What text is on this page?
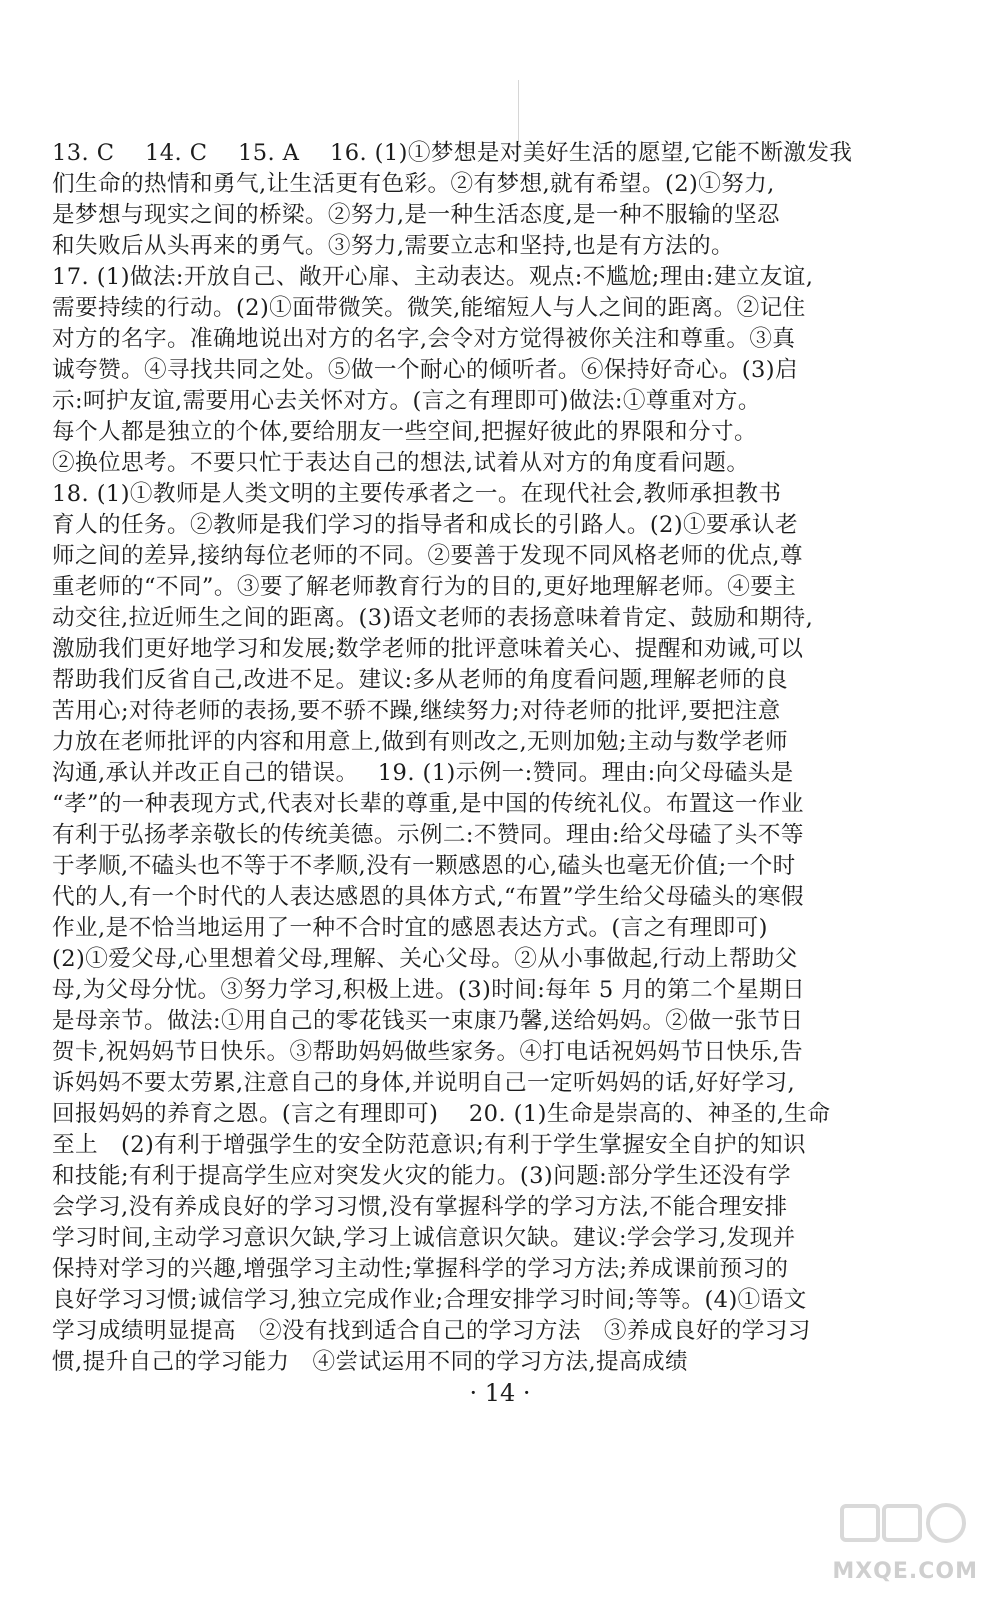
13. C　 14. C　 15. A　 16. (1)①梦想是对美好生活的愿望,它能不断激发我
们生命的热情和勇气,让生活更有色彩。②有梦想,就有希望。(2)①努力,
是梦想与现实之间的桥梁。②努力,是一种生活态度,是一种不服输的坚忍
和失败后从头再来的勇气。③努力,需要立志和坚持,也是有方法的。
17. (1)做法:开放自己、敞开心扉、主动表达。观点:不尴尬;理由:建立友谊,
需要持续的行动。(2)①面带微笑。微笑,能缩短人与人之间的距离。②记住
对方的名字。准确地说出对方的名字,会令对方觉得被你关注和尊重。③真
诚夸赞。④寻找共同之处。⑤做一个耐心的倾听者。⑥保持好奇心。(3)启
示:呵护友谊,需要用心去关怀对方。(言之有理即可)做法:①尊重对方。
每个人都是独立的个体,要给朋友一些空间,把握好彼此的界限和分寸。
②换位思考。不要只忙于表达自己的想法,试着从对方的角度看问题。
18. (1)①教师是人类文明的主要传承者之一。在现代社会,教师承担教书
育人的任务。②教师是我们学习的指导者和成长的引路人。(2)①要承认老
师之间的差异,接纳每位老师的不同。②要善于发现不同风格老师的优点,尊
重老师的“不同”。③要了解老师教育行为的目的,更好地理解老师。④要主
动交往,拉近师生之间的距离。(3)语文老师的表扬意味着肯定、鼓励和期待,
激励我们更好地学习和发展;数学老师的批评意味着关心、提醒和劝诫,可以
帮助我们反省自己,改进不足。建议:多从老师的角度看问题,理解老师的良
苦用心;对待老师的表扬,要不骄不躁,继续努力;对待老师的批评,要把注意
力放在老师批评的内容和用意上,做到有则改之,无则加勉;主动与数学老师
沟通,承认并改正自己的错误。　 19. (1)示例一:赞同。理由:向父母磕头是
“孝”的一种表现方式,代表对长辈的尊重,是中国的传统礼仪。布置这一作业
有利于弘扬孝亲敬长的传统美德。示例二:不赞同。理由:给父母磕了头不等
于孝顺,不磕头也不等于不孝顺,没有一颗感恩的心,磕头也毫无价值;一个时
代的人,有一个时代的人表达感恩的具体方式,“布置”学生给父母磕头的寒假
作业,是不恰当地运用了一种不合时宜的感恩表达方式。(言之有理即可)
(2)①爱父母,心里想着父母,理解、关心父母。②从小事做起,行动上帮助父
母,为父母分忧。③努力学习,积极上进。(3)时间:每年 5 月的第二个星期日
是母亲节。做法:①用自己的零花钱买一束康乃馨,送给妈妈。②做一张节日
贺卡,祝妈妈节日快乐。③帮助妈妈做些家务。④打电话祝妈妈节日快乐,告
诉妈妈不要太劳累,注意自己的身体,并说明自己一定听妈妈的话,好好学习,
回报妈妈的养育之恩。(言之有理即可)　 20. (1)生命是崇高的、神圣的,生命
至上　(2)有利于增强学生的安全防范意识;有利于学生掌握安全自护的知识
和技能;有利于提高学生应对突发火灾的能力。(3)问题:部分学生还没有学
会学习,没有养成良好的学习习惯,没有掌握科学的学习方法,不能合理安排
学习时间,主动学习意识欠缺,学习上诚信意识欠缺。建议:学会学习,发现并
保持对学习的兴趣,增强学习主动性;掌握科学的学习方法;养成课前预习的
良好学习习惯;诚信学习,独立完成作业;合理安排学习时间;等等。(4)①语文
学习成绩明显提高　②没有找到适合自己的学习方法　③养成良好的学习习
惯,提升自己的学习能力　④尝试运用不同的学习方法,提高成绩
· 14 ·
MXQE.COM
